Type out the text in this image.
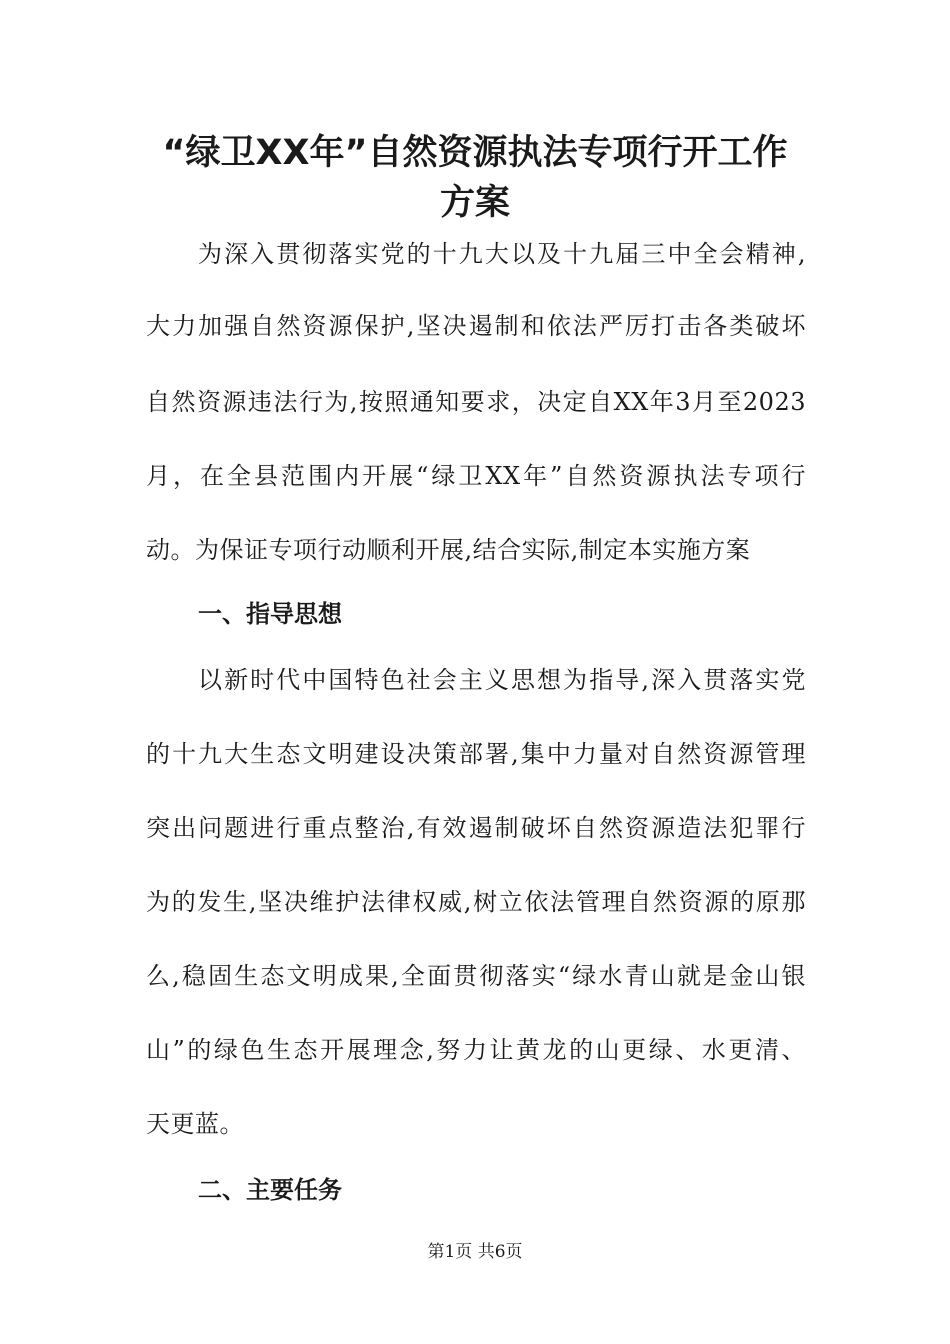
“绿卫XX年”自然资源执法专项行开工作
方案
为深入贯彻落实党的十九大以及十九届三中全会精神,
大力加强自然资源保护,坚决遏制和依法严厉打击各类破坏
自然资源违法行为,按照通知要求，决定自XX年3月至2023
月，在全县范围内开展“绿卫XX年”自然资源执法专项行
动。为保证专项行动顺利开展,结合实际,制定本实施方案
一、指导思想
以新时代中国特色社会主义思想为指导,深入贯落实党
的十九大生态文明建设决策部署,集中力量对自然资源管理
突出问题进行重点整治,有效遏制破坏自然资源造法犯罪行
为的发生,坚决维护法律权威,树立依法管理自然资源的原那
么,稳固生态文明成果,全面贯彻落实“绿水青山就是金山银
山”的绿色生态开展理念,努力让黄龙的山更绿、水更清、
天更蓝。
二、主要任务
第1页 共6页
